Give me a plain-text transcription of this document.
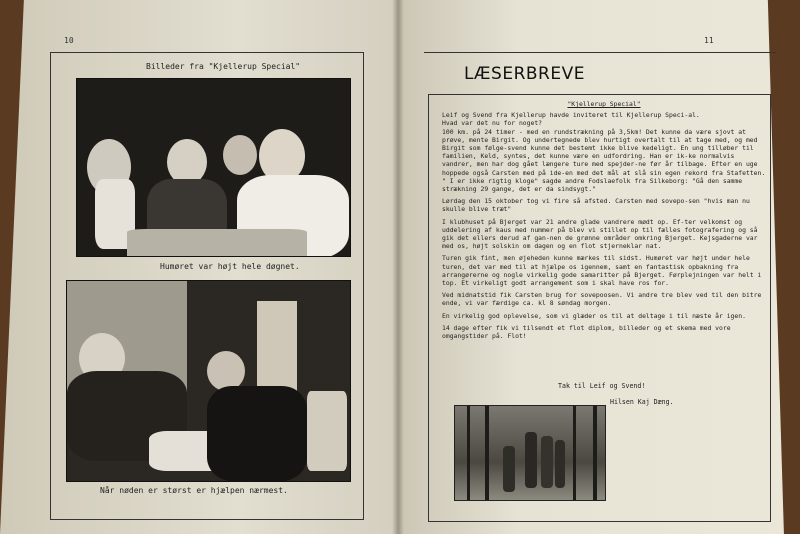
10
Billeder fra "Kjellerup Special"
Humøret var højt hele døgnet.
Når nøden er størst er hjælpen nærmest.
11
LÆSERBREVE

"Kjellerup Special"

Leif og Svend fra Kjellerup havde inviteret til Kjellerup Speci-al.

Hvad var det nu for noget?

100 km. på 24 timer - med en rundstrækning på 3,5km! Det kunne da være sjovt at prøve, mente Birgit. Og undertegnede blev hurtigt overtalt til at tage med, og med Birgit som følge-svend kunne det bestemt ikke blive kedeligt. En ung tilløber til familien, Keld, syntes, det kunne være en udfordring. Han er ik-ke normalvis vandrer, men har dog gået længere ture med spejder-ne før år tilbage. Efter en uge hoppede også Carsten med på ide-en med det mål at slå sin egen rekord fra Stafetten.

" I er ikke rigtig kloge" sagde andre Fodslaefolk fra Silkeborg: "Gå den samme strækning 29 gange, det er da sindsygt."

Lørdag den 15 oktober tog vi fire så afsted. Carsten med sovepo-sen "hvis man nu skulle blive træt"

I klubhuset på Bjerget var 21 andre glade vandrere mødt op. Ef-ter velkomst og uddelering af kaus med nummer på blev vi stillet op til fælles fotografering og så gik det ellers derud af gan-nen de grønne områder omkring Bjerget. Kejsgaderne var med os, højt solskin om dagen og en flot stjerneklar nat.

Turen gik fint, men øjeheden kunne mærkes til sidst. Humøret var højt under hele turen, det var med til at hjælpe os igennem, samt en fantastisk opbakning fra arrangørerne og nogle virkelig gode samaritter på Bjerget. Førplejningen var helt i top. Et virkeligt godt arrangement som i skal have ros for.

Ved midnatstid fik Carsten brug for sovepoosen. Vi andre tre blev ved til den bitre ende, vi var færdige ca. kl 8 søndag morgen.

En virkelig god oplevelse, som vi glæder os til at deltage i til næste år igen.

14 dage efter fik vi tilsendt et flot diplom, billeder og et skema med vore omgangstider på. Flot!

Tak til Leif og Svend!
Hilsen Kaj Dæng.
